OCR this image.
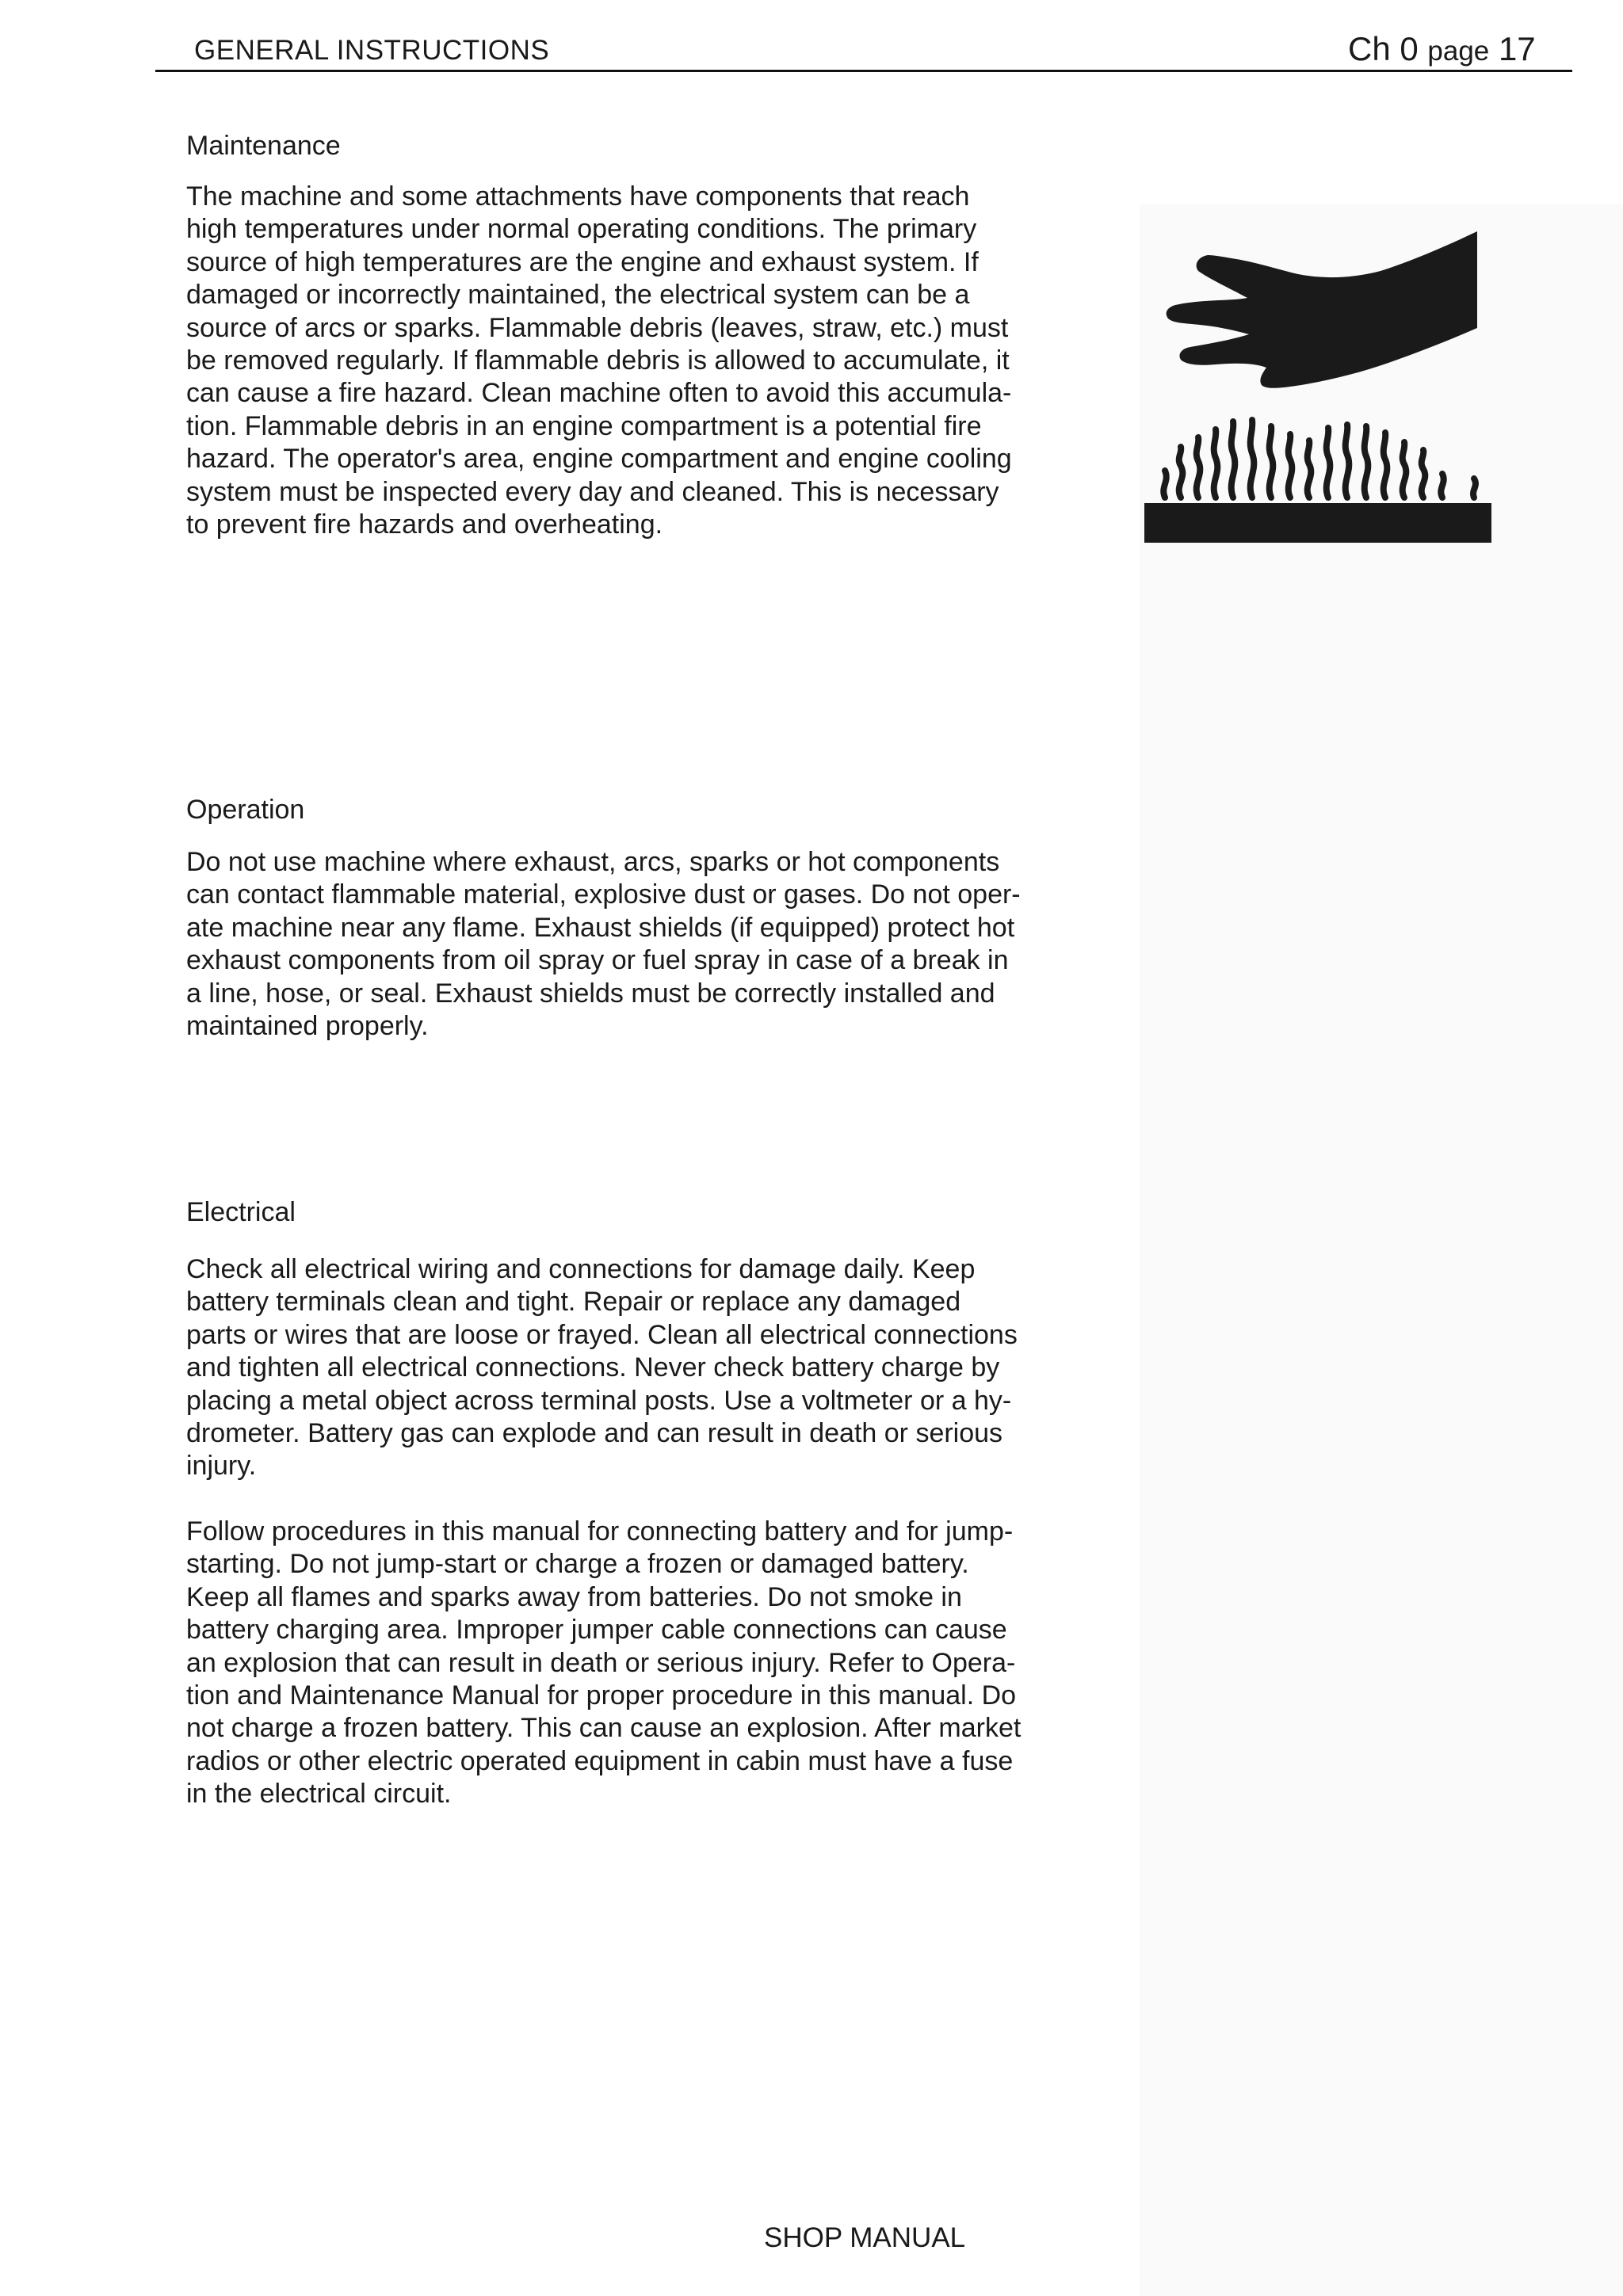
GENERAL INSTRUCTIONS	Ch 0 page 17
Maintenance
The machine and some attachments have components that reach
high temperatures under normal operating conditions. The primary
source of high temperatures are the engine and exhaust system. If
damaged or incorrectly maintained, the electrical system can be a
source of arcs or sparks. Flammable debris (leaves, straw, etc.) must
be removed regularly. If flammable debris is allowed to accumulate, it
can cause a fire hazard. Clean machine often to avoid this accumula-
tion. Flammable debris in an engine compartment is a potential fire
hazard. The operator's area, engine compartment and engine cooling
system must be inspected every day and cleaned. This is necessary
to prevent fire hazards and overheating.
Operation
Do not use machine where exhaust, arcs, sparks or hot components
can contact flammable material, explosive dust or gases. Do not oper-
ate machine near any flame. Exhaust shields (if equipped) protect hot
exhaust components from oil spray or fuel spray in case of a break in
a line, hose, or seal. Exhaust shields must be correctly installed and
maintained properly.
Electrical
Check all electrical wiring and connections for damage daily. Keep
battery terminals clean and tight. Repair or replace any damaged
parts or wires that are loose or frayed. Clean all electrical connections
and tighten all electrical connections. Never check battery charge by
placing a metal object across terminal posts. Use a voltmeter or a hy-
drometer. Battery gas can explode and can result in death or serious
injury.
Follow procedures in this manual for connecting battery and for jump-
starting. Do not jump-start or charge a frozen or damaged battery.
Keep all flames and sparks away from batteries. Do not smoke in
battery charging area. Improper jumper cable connections can cause
an explosion that can result in death or serious injury. Refer to Opera-
tion and Maintenance Manual for proper procedure in this manual. Do
not charge a frozen battery. This can cause an explosion. After market
radios or other electric operated equipment in cabin must have a fuse
in the electrical circuit.
SHOP MANUAL
